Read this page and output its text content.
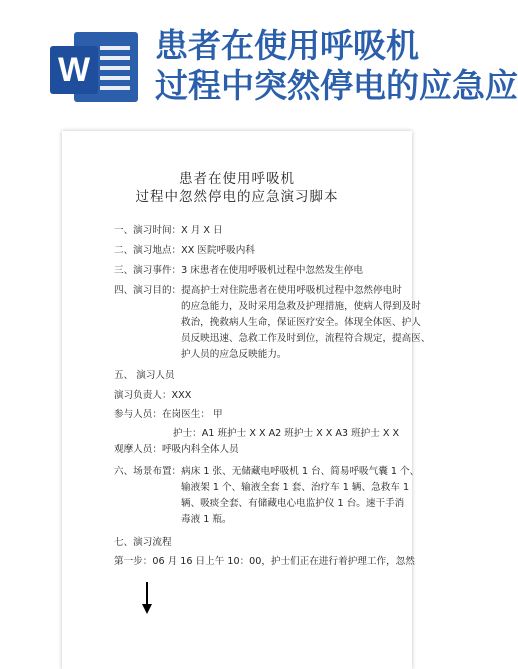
W
患者在使用呼吸机
过程中突然停电的应急应
患者在使用呼吸机
过程中忽然停电的应急演习脚本
一、演习时间：X 月 X 日
二、演习地点：XX 医院呼吸内科
三、演习事件：3 床患者在使用呼吸机过程中忽然发生停电
四、演习目的：提高护士对住院患者在使用呼吸机过程中忽然停电时
的应急能力，及时采用急救及护理措施，使病人得到及时
救治，挽救病人生命，保证医疗安全。体现全体医、护人
员反映迅速、急救工作及时到位，流程符合规定，提高医、
护人员的应急反映能力。
五、 演习人员
演习负责人：XXX
参与人员：在岗医生： 甲
护士：A1 班护士 X X A2 班护士 X X A3 班护士 X X
观摩人员：呼吸内科全体人员
六、场景布置：病床 1 张、无储藏电呼吸机 1 台、简易呼吸气囊 1 个、
输液架 1 个、输液全套 1 套、治疗车 1 辆、急救车 1
辆、吸痰全套、有储藏电心电监护仪 1 台。速干手消
毒液 1 瓶。
七、演习流程
第一步：06 月 16 日上午 10：00，护士们正在进行着护理工作，忽然
